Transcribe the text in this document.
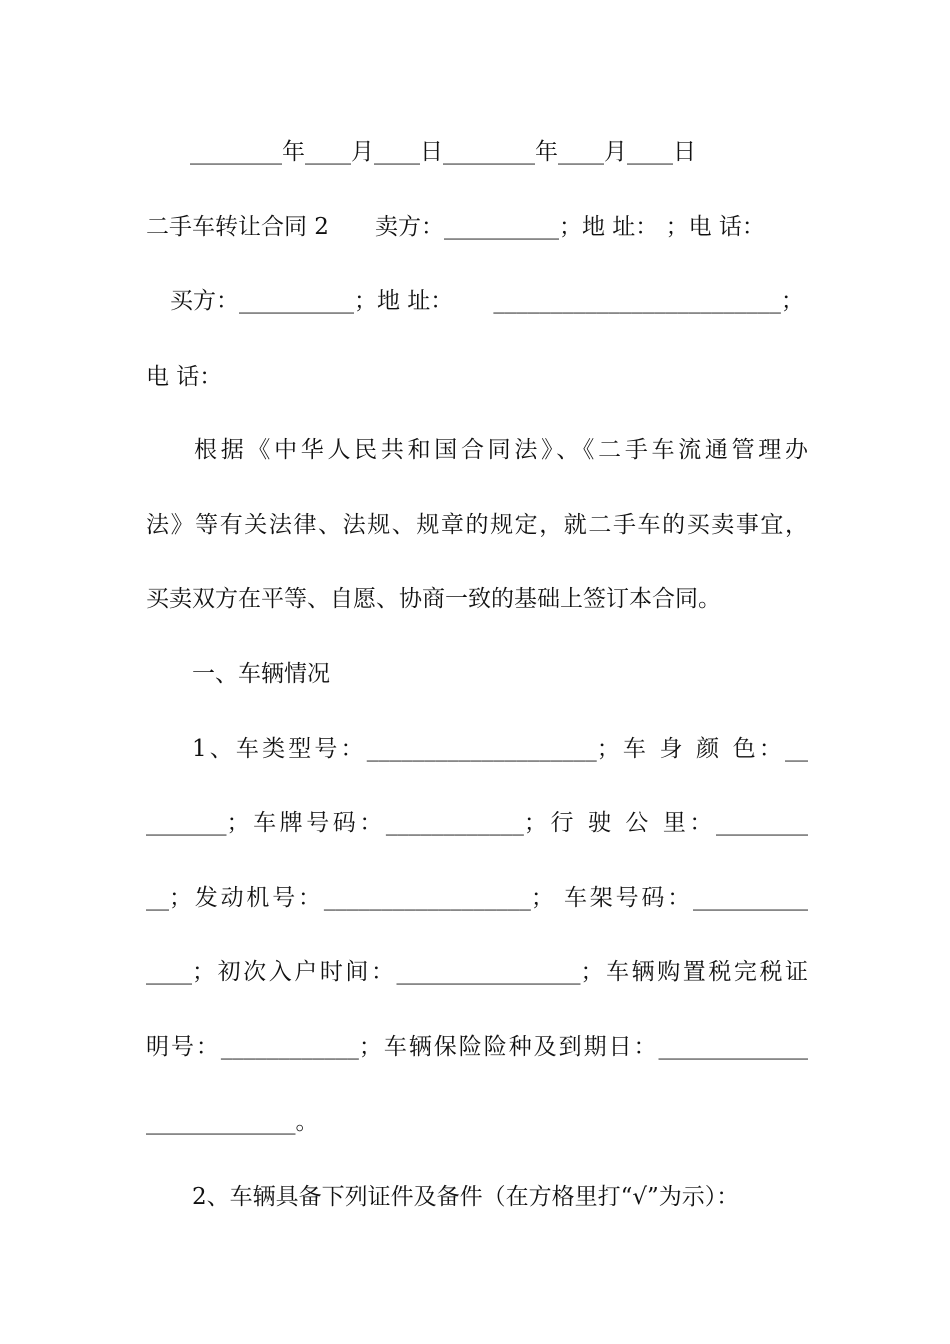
________年____月____日________年____月____日
二手车转让合同 2 卖方：__________；地 址： ；电 话：
买方：__________；地 址： _________________________；
电 话：
根据《中华人民共和国合同法》、《二手车流通管理办
法》等有关法律、法规、规章的规定，就二手车的买卖事宜，
买卖双方在平等、自愿、协商一致的基础上签订本合同。
一、车辆情况
1、车类型号：____________________；车 身 颜 色：__
_______；车牌号码：____________；行 驶 公 里：________
__；发动机号：__________________； 车架号码：__________
____；初次入户时间：________________；车辆购置税完税证
明号：____________；车辆保险险种及到期日：_____________
_____________。
2、车辆具备下列证件及备件（在方格里打“√”为示）：
